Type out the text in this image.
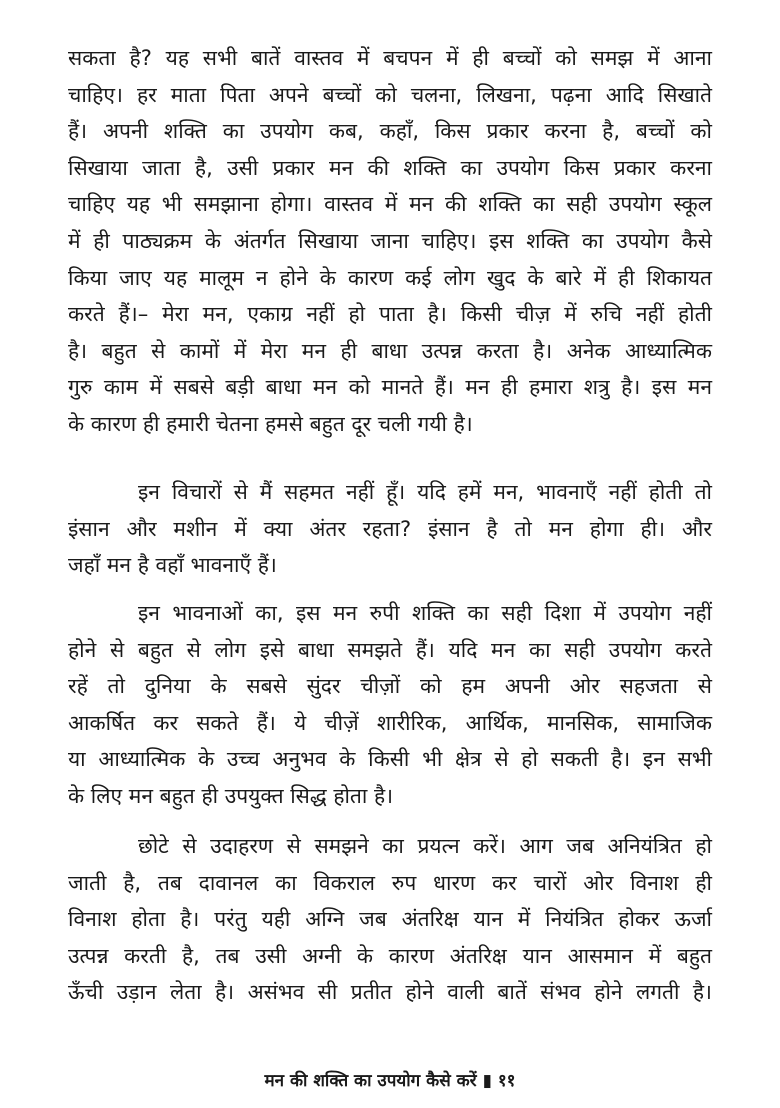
सकता है? यह सभी बातें वास्तव में बचपन में ही बच्चों को समझ में आना
चाहिए। हर माता पिता अपने बच्चों को चलना, लिखना, पढ़ना आदि सिखाते
हैं। अपनी शक्ति का उपयोग कब, कहाँ, किस प्रकार करना है, बच्चों को
सिखाया जाता है, उसी प्रकार मन की शक्ति का उपयोग किस प्रकार करना
चाहिए यह भी समझाना होगा। वास्तव में मन की शक्ति का सही उपयोग स्कूल
में ही पाठ्यक्रम के अंतर्गत सिखाया जाना चाहिए। इस शक्ति का उपयोग कैसे
किया जाए यह मालूम न होने के कारण कई लोग खुद के बारे में ही शिकायत
करते हैं।– मेरा मन, एकाग्र नहीं हो पाता है। किसी चीज़ में रुचि नहीं होती
है। बहुत से कामों में मेरा मन ही बाधा उत्पन्न करता है। अनेक आध्यात्मिक
गुरु काम में सबसे बड़ी बाधा मन को मानते हैं। मन ही हमारा शत्रु है। इस मन
के कारण ही हमारी चेतना हमसे बहुत दूर चली गयी है।
इन विचारों से मैं सहमत नहीं हूँ। यदि हमें मन, भावनाएँ नहीं होती तो
इंसान और मशीन में क्या अंतर रहता? इंसान है तो मन होगा ही। और
जहाँ मन है वहाँ भावनाएँ हैं।
इन भावनाओं का, इस मन रुपी शक्ति का सही दिशा में उपयोग नहीं
होने से बहुत से लोग इसे बाधा समझते हैं। यदि मन का सही उपयोग करते
रहें तो दुनिया के सबसे सुंदर चीज़ों को हम अपनी ओर सहजता से
आकर्षित कर सकते हैं। ये चीज़ें शारीरिक, आर्थिक, मानसिक, सामाजिक
या आध्यात्मिक के उच्च अनुभव के किसी भी क्षेत्र से हो सकती है। इन सभी
के लिए मन बहुत ही उपयुक्त सिद्ध होता है।
छोटे से उदाहरण से समझने का प्रयत्न करें। आग जब अनियंत्रित हो
जाती है, तब दावानल का विकराल रुप धारण कर चारों ओर विनाश ही
विनाश होता है। परंतु यही अग्नि जब अंतरिक्ष यान में नियंत्रित होकर ऊर्जा
उत्पन्न करती है, तब उसी अग्नी के कारण अंतरिक्ष यान आसमान में बहुत
ऊँची उड़ान लेता है। असंभव सी प्रतीत होने वाली बातें संभव होने लगती है।
मन की शक्ति का उपयोग कैसे करें ▮ ११
